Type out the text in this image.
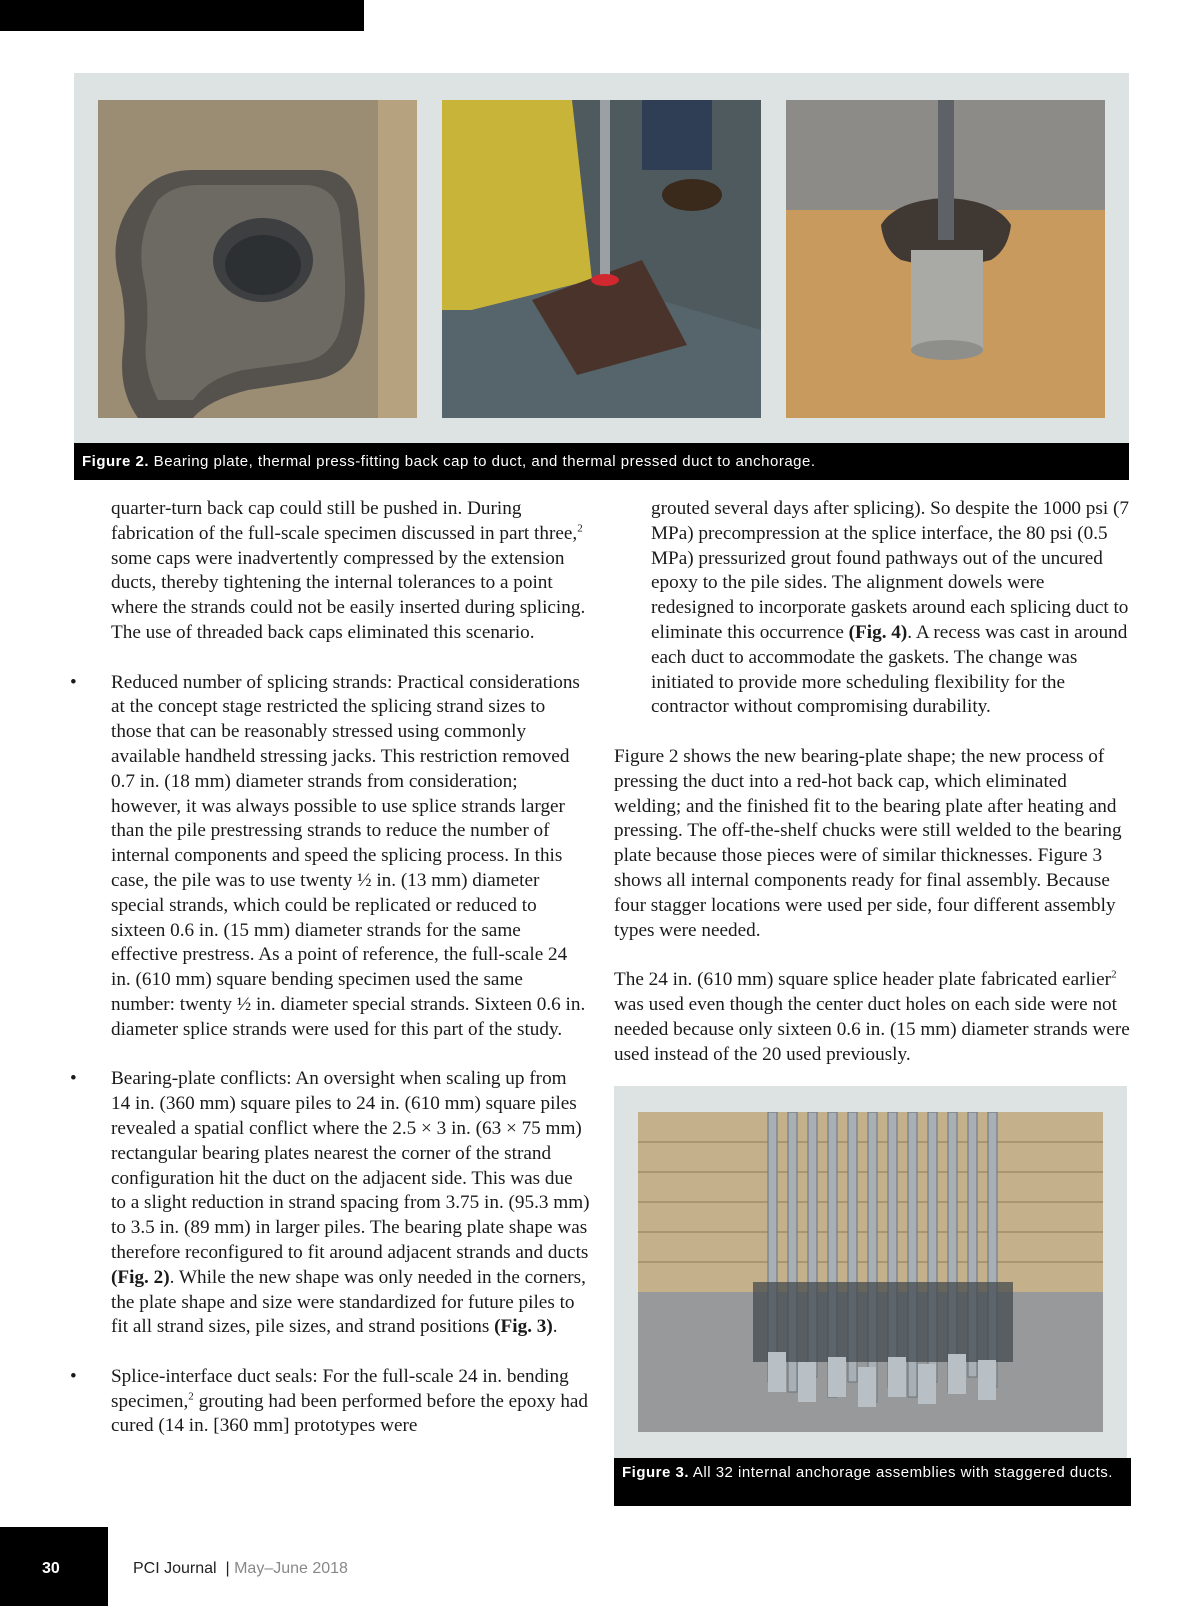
Figure 2. Bearing plate, thermal press-fitting back cap to duct, and thermal pressed duct to anchorage.

quarter-turn back cap could still be pushed in. During fabrication of the full-scale specimen discussed in part three,$^2$ some caps were inadvertently compressed by the extension ducts, thereby tightening the internal tolerances to a point where the strands could not be easily inserted during splicing. The use of threaded back caps eliminated this scenario.

• Reduced number of splicing strands: Practical considerations at the concept stage restricted the splicing strand sizes to those that can be reasonably stressed using commonly available handheld stressing jacks. This restriction removed 0.7 in. (18 mm) diameter strands from consideration; however, it was always possible to use splice strands larger than the pile prestressing strands to reduce the number of internal components and speed the splicing process. In this case, the pile was to use twenty ½ in. (13 mm) diameter special strands, which could be replicated or reduced to sixteen 0.6 in. (15 mm) diameter strands for the same effective prestress. As a point of reference, the full-scale 24 in. (610 mm) square bending specimen used the same number: twenty ½ in. diameter special strands. Sixteen 0.6 in. diameter splice strands were used for this part of the study.
• Bearing-plate conflicts: An oversight when scaling up from 14 in. (360 mm) square piles to 24 in. (610 mm) square piles revealed a spatial conflict where the 2.5 × 3 in. (63 × 75 mm) rectangular bearing plates nearest the corner of the strand configuration hit the duct on the adjacent side. This was due to a slight reduction in strand spacing from 3.75 in. (95.3 mm) to 3.5 in. (89 mm) in larger piles. The bearing plate shape was therefore reconfigured to fit around adjacent strands and ducts (Fig. 2). While the new shape was only needed in the corners, the plate shape and size were standardized for future piles to fit all strand sizes, pile sizes, and strand positions (Fig. 3).
• Splice-interface duct seals: For the full-scale 24 in. bending specimen,$^2$ grouting had been performed before the epoxy had cured (14 in. [360 mm] prototypes were

grouted several days after splicing). So despite the 1000 psi (7 MPa) precompression at the splice interface, the 80 psi (0.5 MPa) pressurized grout found pathways out of the uncured epoxy to the pile sides. The alignment dowels were redesigned to incorporate gaskets around each splicing duct to eliminate this occurrence (Fig. 4). A recess was cast in around each duct to accommodate the gaskets. The change was initiated to provide more scheduling flexibility for the contractor without compromising durability.

Figure 2 shows the new bearing-plate shape; the new process of pressing the duct into a red-hot back cap, which eliminated welding; and the finished fit to the bearing plate after heating and pressing. The off-the-shelf chucks were still welded to the bearing plate because those pieces were of similar thicknesses. Figure 3 shows all internal components ready for final assembly. Because four stagger locations were used per side, four different assembly types were needed.

The 24 in. (610 mm) square splice header plate fabricated earlier$^2$ was used even though the center duct holes on each side were not needed because only sixteen 0.6 in. (15 mm) diameter strands were used instead of the 20 used previously.

Figure 3. All 32 internal anchorage assemblies with staggered ducts.
30	PCI Journal  | May–June 2018
